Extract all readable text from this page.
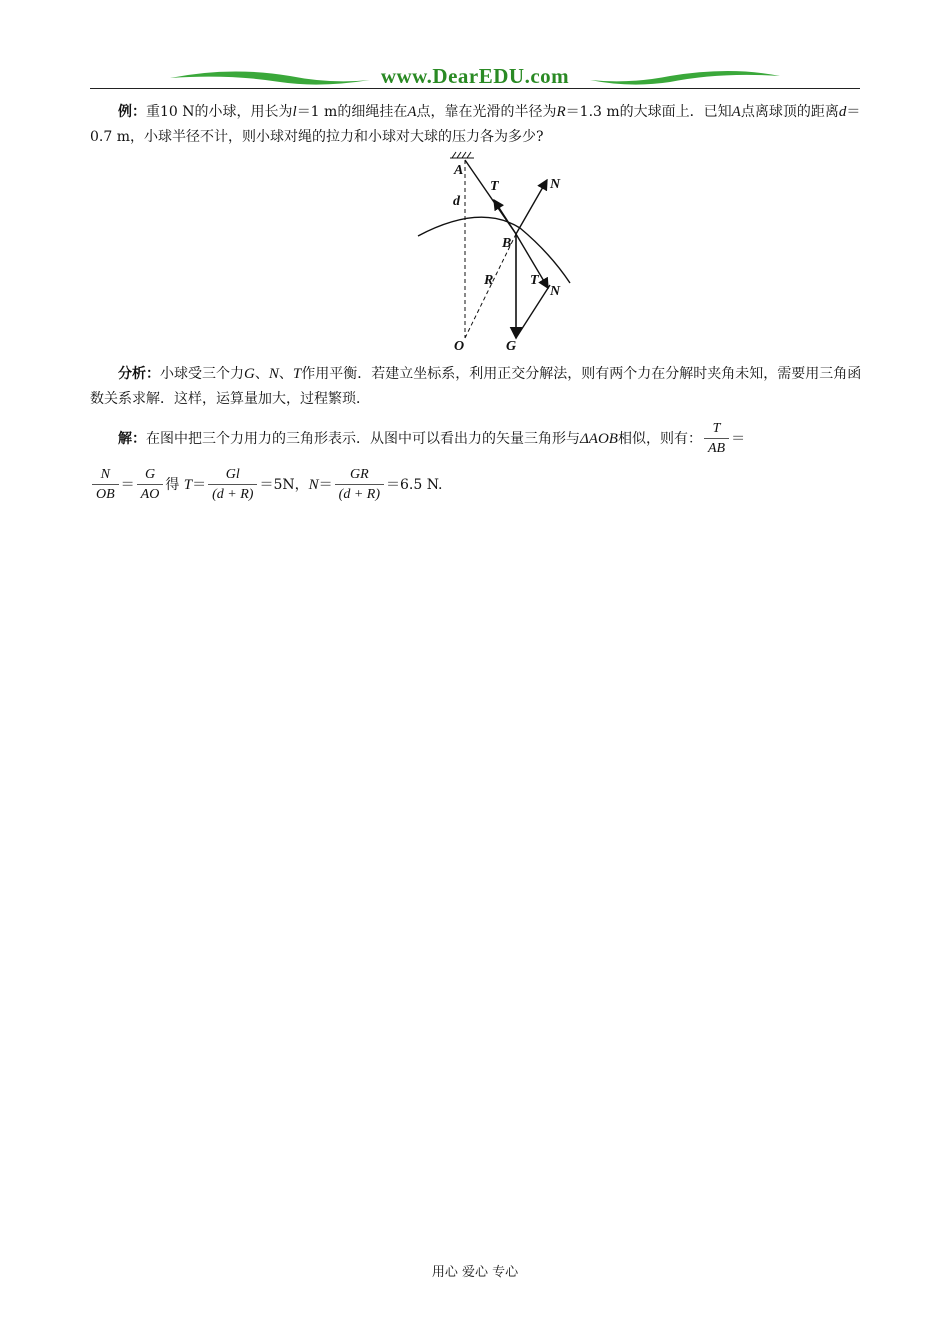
www.DearEDU.com
例：重10 N的小球，用长为l＝1 m的细绳挂在A点，靠在光滑的半径为R＝1.3 m的大球面上．已知A点离球顶的距离d＝0.7 m，小球半径不计，则小球对绳的拉力和小球对大球的压力各为多少?
A
T	N
d
B
R	T
N
O	G
分析：小球受三个力G、N、T作用平衡．若建立坐标系，利用正交分解法，则有两个力在分解时夹角未知，需要用三角函数关系求解．这样，运算量加大，过程繁琐．
解：在图中把三个力用力的三角形表示．从图中可以看出力的矢量三角形与ΔAOB相似，则有： $\frac{T}{AB}$ ＝

$\frac{N}{OB} = \frac{G}{AO}$ 得 $T= \frac{Gl}{(d + R)} =5N$，$N= \frac{GR}{(d + R)} =6.5$ N.
用心 爱心 专心
